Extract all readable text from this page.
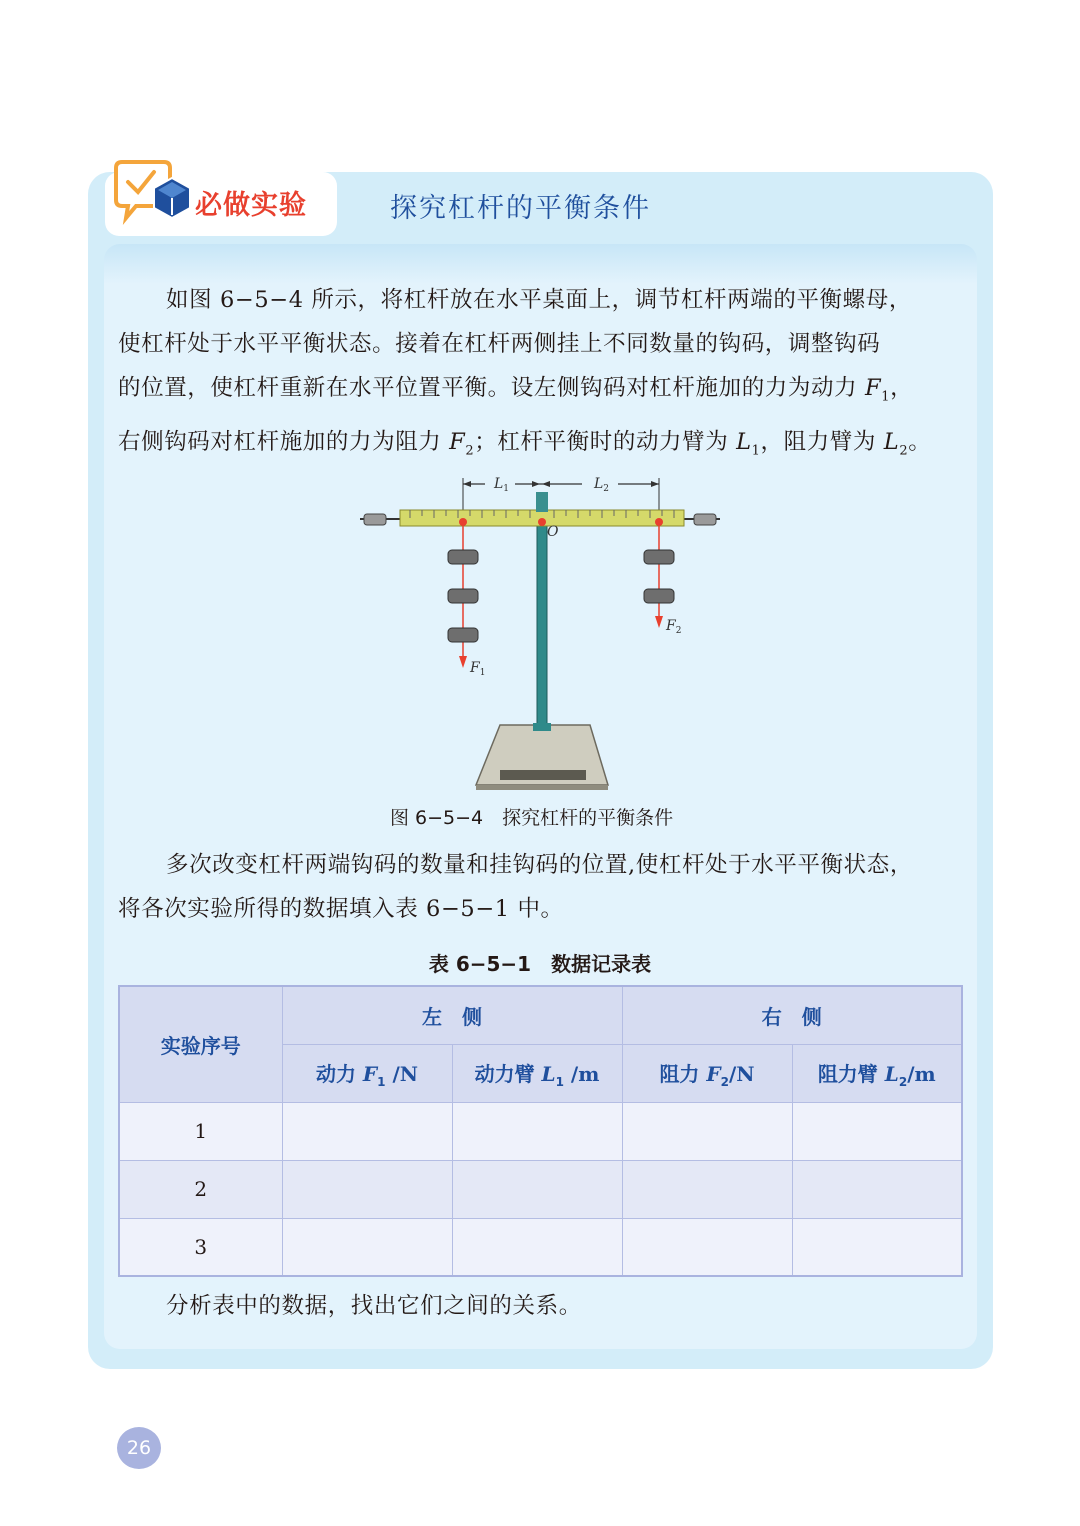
必做实验	探究杠杆的平衡条件

如图 6−5−4 所示，将杠杆放在水平桌面上，调节杠杆两端的平衡螺母，

使杠杆处于水平平衡状态。接着在杠杆两侧挂上不同数量的钩码，调整钩码

的位置，使杠杆重新在水平位置平衡。设左侧钩码对杠杆施加的力为动力 $F_1$，

右侧钩码对杠杆施加的力为阻力 $F_2$；杠杆平衡时的动力臂为 $L_1$，阻力臂为 $L_2$。

$L_1$	$L_2$
O
$F_1$
$F_2$
图 6−5−4　探究杠杆的平衡条件

多次改变杠杆两端钩码的数量和挂钩码的位置,使杠杆处于水平平衡状态，

将各次实验所得的数据填入表 6−5−1 中。

表 6−5−1　数据记录表
实验序号	左　侧		右　侧	
	动力 $F_1$ /N	动力臂 $L_1$ /m	阻力 $F_2/N$	阻力臂 $L_2/m$
1				
2				
3				

分析表中的数据，找出它们之间的关系。

26
